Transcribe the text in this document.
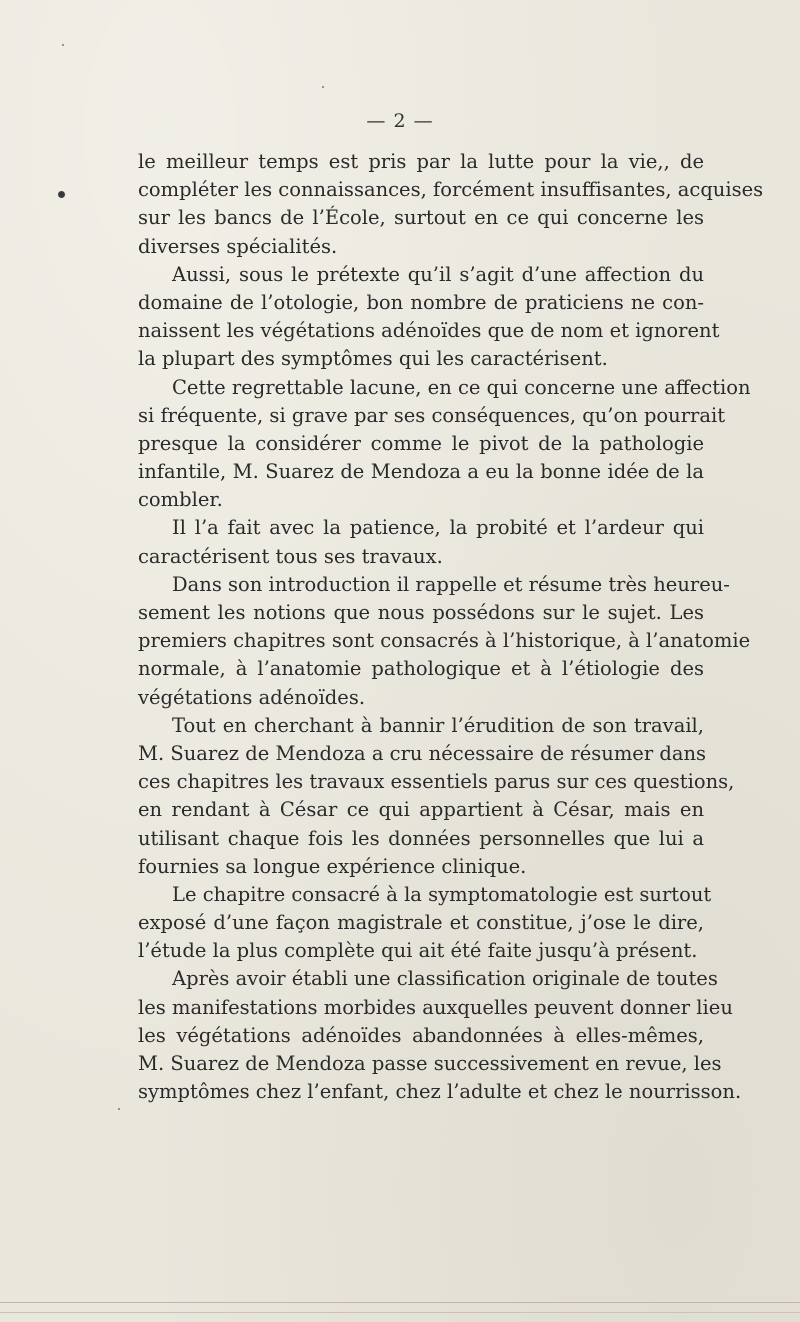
— 2 —
le meilleur temps est pris par la lutte pour la vie,, de
compléter les connaissances, forcément insuffisantes, acquises
sur les bancs de l’École, surtout en ce qui concerne les
diverses spécialités.
Aussi, sous le prétexte qu’il s’agit d’une affection du
domaine de l’otologie, bon nombre de praticiens ne con-
naissent les végétations adénoïdes que de nom et ignorent
la plupart des symptômes qui les caractérisent.
Cette regrettable lacune, en ce qui concerne une affection
si fréquente, si grave par ses conséquences, qu’on pourrait
presque la considérer comme le pivot de la pathologie
infantile, M. Suarez de Mendoza a eu la bonne idée de la
combler.
Il l’a fait avec la patience, la probité et l’ardeur qui
caractérisent tous ses travaux.
Dans son introduction il rappelle et résume très heureu-
sement les notions que nous possédons sur le sujet. Les
premiers chapitres sont consacrés à l’historique, à l’anatomie
normale, à l’anatomie pathologique et à l’étiologie des
végétations adénoïdes.
Tout en cherchant à bannir l’érudition de son travail,
M. Suarez de Mendoza a cru nécessaire de résumer dans
ces chapitres les travaux essentiels parus sur ces questions,
en rendant à César ce qui appartient à César, mais en
utilisant chaque fois les données personnelles que lui a
fournies sa longue expérience clinique.
Le chapitre consacré à la symptomatologie est surtout
exposé d’une façon magistrale et constitue, j’ose le dire,
l’étude la plus complète qui ait été faite jusqu’à présent.
Après avoir établi une classification originale de toutes
les manifestations morbides auxquelles peuvent donner lieu
les végétations adénoïdes abandonnées à elles-mêmes,
M. Suarez de Mendoza passe successivement en revue, les
symptômes chez l’enfant, chez l’adulte et chez le nourrisson.
